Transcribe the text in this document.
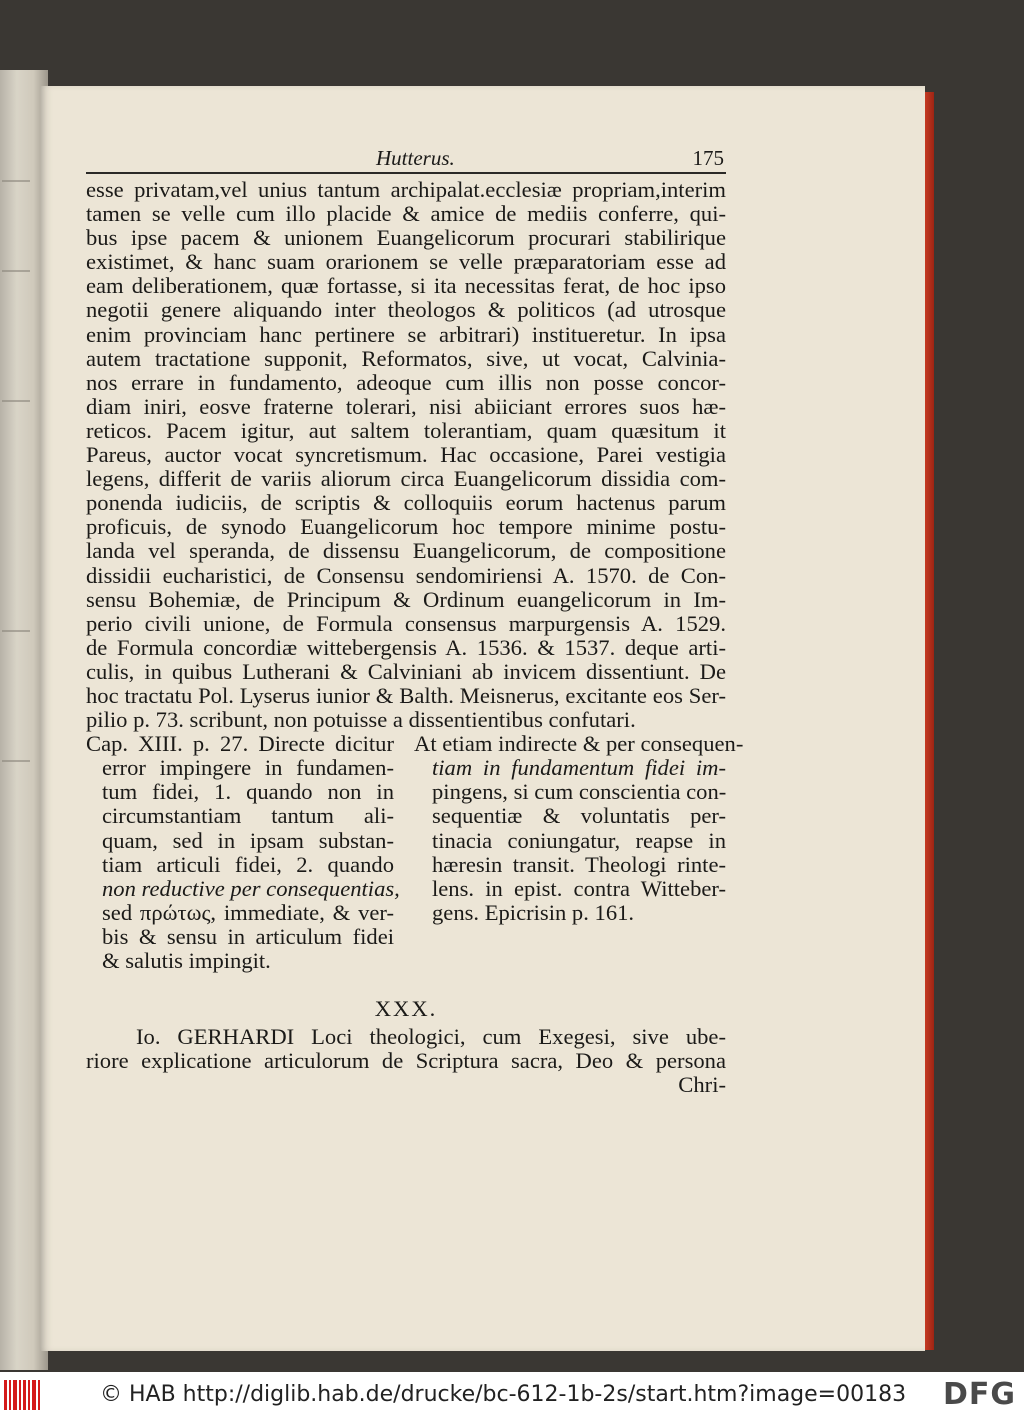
Hutterus.	175
esse privatam,vel unius tantum archipalat.ecclesiæ propriam,interim
tamen se velle cum illo placide & amice de mediis conferre, qui-
bus ipse pacem & unionem Euangelicorum procurari stabilirique
existimet, & hanc suam orarionem se velle præparatoriam esse ad
eam deliberationem, quæ fortasse, si ita necessitas ferat, de hoc ipso
negotii genere aliquando inter theologos & politicos (ad utrosque
enim provinciam hanc pertinere se arbitrari) institueretur. In ipsa
autem tractatione supponit, Reformatos, sive, ut vocat, Calvinia-
nos errare in fundamento, adeoque cum illis non posse concor-
diam iniri, eosve fraterne tolerari, nisi abiiciant errores suos hæ-
reticos. Pacem igitur, aut saltem tolerantiam, quam quæsitum it
Pareus, auctor vocat syncretismum. Hac occasione, Parei vestigia
legens, differit de variis aliorum circa Euangelicorum dissidia com-
ponenda iudiciis, de scriptis & colloquiis eorum hactenus parum
proficuis, de synodo Euangelicorum hoc tempore minime postu-
landa vel speranda, de dissensu Euangelicorum, de compositione
dissidii eucharistici, de Consensu sendomiriensi A. 1570. de Con-
sensu Bohemiæ, de Principum & Ordinum euangelicorum in Im-
perio civili unione, de Formula consensus marpurgensis A. 1529.
de Formula concordiæ wittebergensis A. 1536. & 1537. deque arti-
culis, in quibus Lutherani & Calviniani ab invicem dissentiunt. De
hoc tractatu Pol. Lyserus iunior & Balth. Meisnerus, excitante eos Ser-
pilio p. 73. scribunt, non potuisse a dissentientibus confutari.
Cap. XIII. p. 27. Directe dicitur
error impingere in fundamen-
tum fidei, 1. quando non in
circumstantiam tantum ali-
quam, sed in ipsam substan-
tiam articuli fidei, 2. quando
non reductive per consequentias,
sed πρώτως, immediate, & ver-
bis & sensu in articulum fidei
& salutis impingit.
At etiam indirecte & per consequen-
tiam in fundamentum fidei im-
pingens, si cum conscientia con-
sequentiæ & voluntatis per-
tinacia coniungatur, reapse in
hæresin transit. Theologi rinte-
lens. in epist. contra Witteber-
gens. Epicrisin p. 161.
XXX.
Io. GERHARDI Loci theologici, cum Exegesi, sive ube-
riore explicatione articulorum de Scriptura sacra, Deo & persona
Chri-
© HAB http://diglib.hab.de/drucke/bc-612-1b-2s/start.htm?image=00183 DFG
